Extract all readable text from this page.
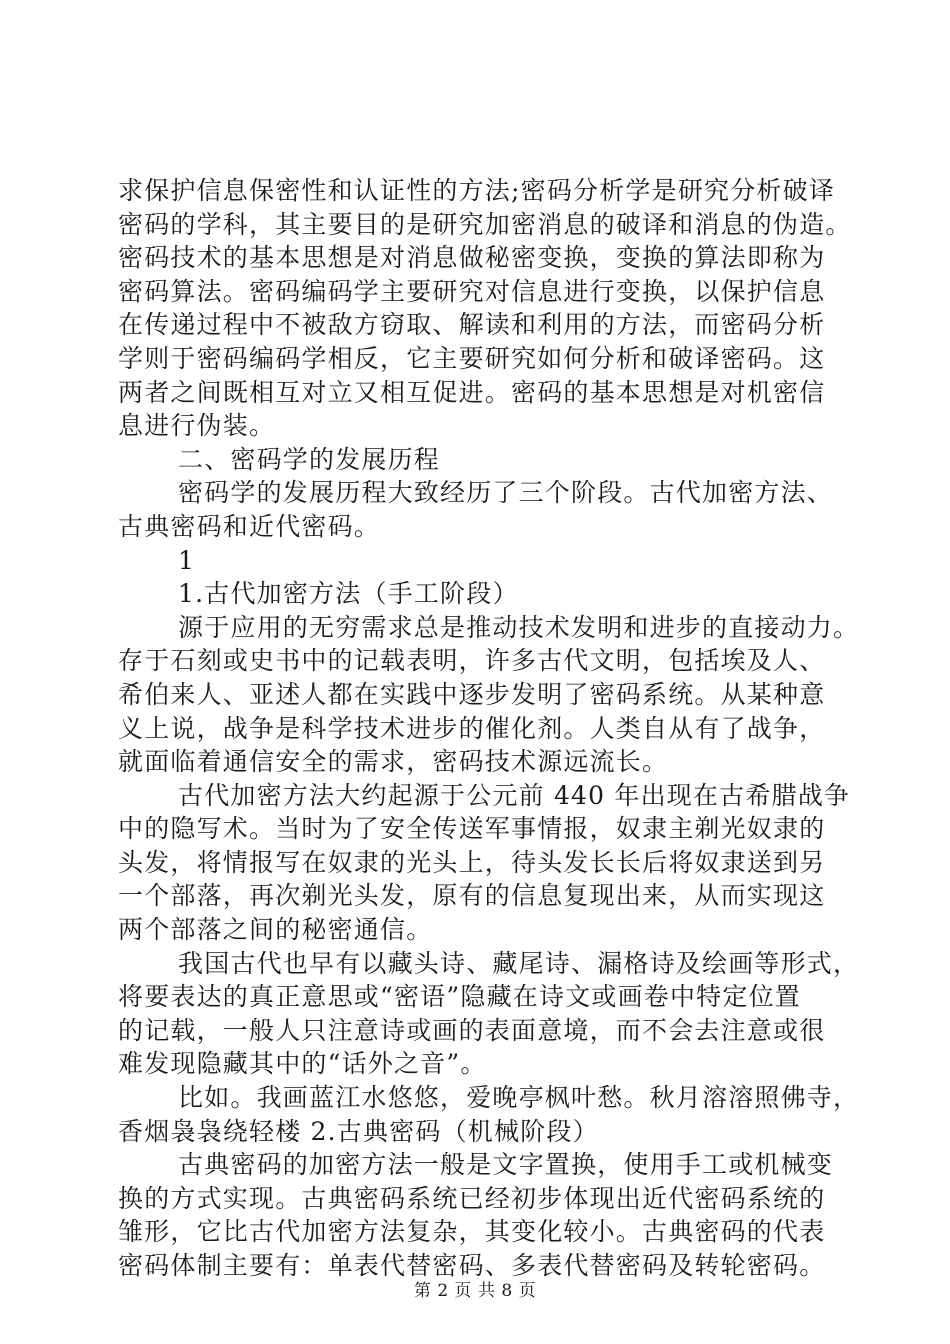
求保护信息保密性和认证性的方法;密码分析学是研究分析破译
密码的学科，其主要目的是研究加密消息的破译和消息的伪造。
密码技术的基本思想是对消息做秘密变换，变换的算法即称为
密码算法。密码编码学主要研究对信息进行变换，以保护信息
在传递过程中不被敌方窃取、解读和利用的方法，而密码分析
学则于密码编码学相反，它主要研究如何分析和破译密码。这
两者之间既相互对立又相互促进。密码的基本思想是对机密信
息进行伪装。
二、密码学的发展历程
密码学的发展历程大致经历了三个阶段。古代加密方法、
古典密码和近代密码。
1
1.古代加密方法（手工阶段）
源于应用的无穷需求总是推动技术发明和进步的直接动力。
存于石刻或史书中的记载表明，许多古代文明，包括埃及人、
希伯来人、亚述人都在实践中逐步发明了密码系统。从某种意
义上说，战争是科学技术进步的催化剂。人类自从有了战争，
就面临着通信安全的需求，密码技术源远流长。
古代加密方法大约起源于公元前 440 年出现在古希腊战争
中的隐写术。当时为了安全传送军事情报，奴隶主剃光奴隶的
头发，将情报写在奴隶的光头上，待头发长长后将奴隶送到另
一个部落，再次剃光头发，原有的信息复现出来，从而实现这
两个部落之间的秘密通信。
我国古代也早有以藏头诗、藏尾诗、漏格诗及绘画等形式，
将要表达的真正意思或“密语”隐藏在诗文或画卷中特定位置
的记载，一般人只注意诗或画的表面意境，而不会去注意或很
难发现隐藏其中的“话外之音”。
比如。我画蓝江水悠悠，爱晚亭枫叶愁。秋月溶溶照佛寺，
香烟袅袅绕轻楼 2.古典密码（机械阶段）
古典密码的加密方法一般是文字置换，使用手工或机械变
换的方式实现。古典密码系统已经初步体现出近代密码系统的
雏形，它比古代加密方法复杂，其变化较小。古典密码的代表
密码体制主要有：单表代替密码、多表代替密码及转轮密码。
第 2 页 共 8 页
